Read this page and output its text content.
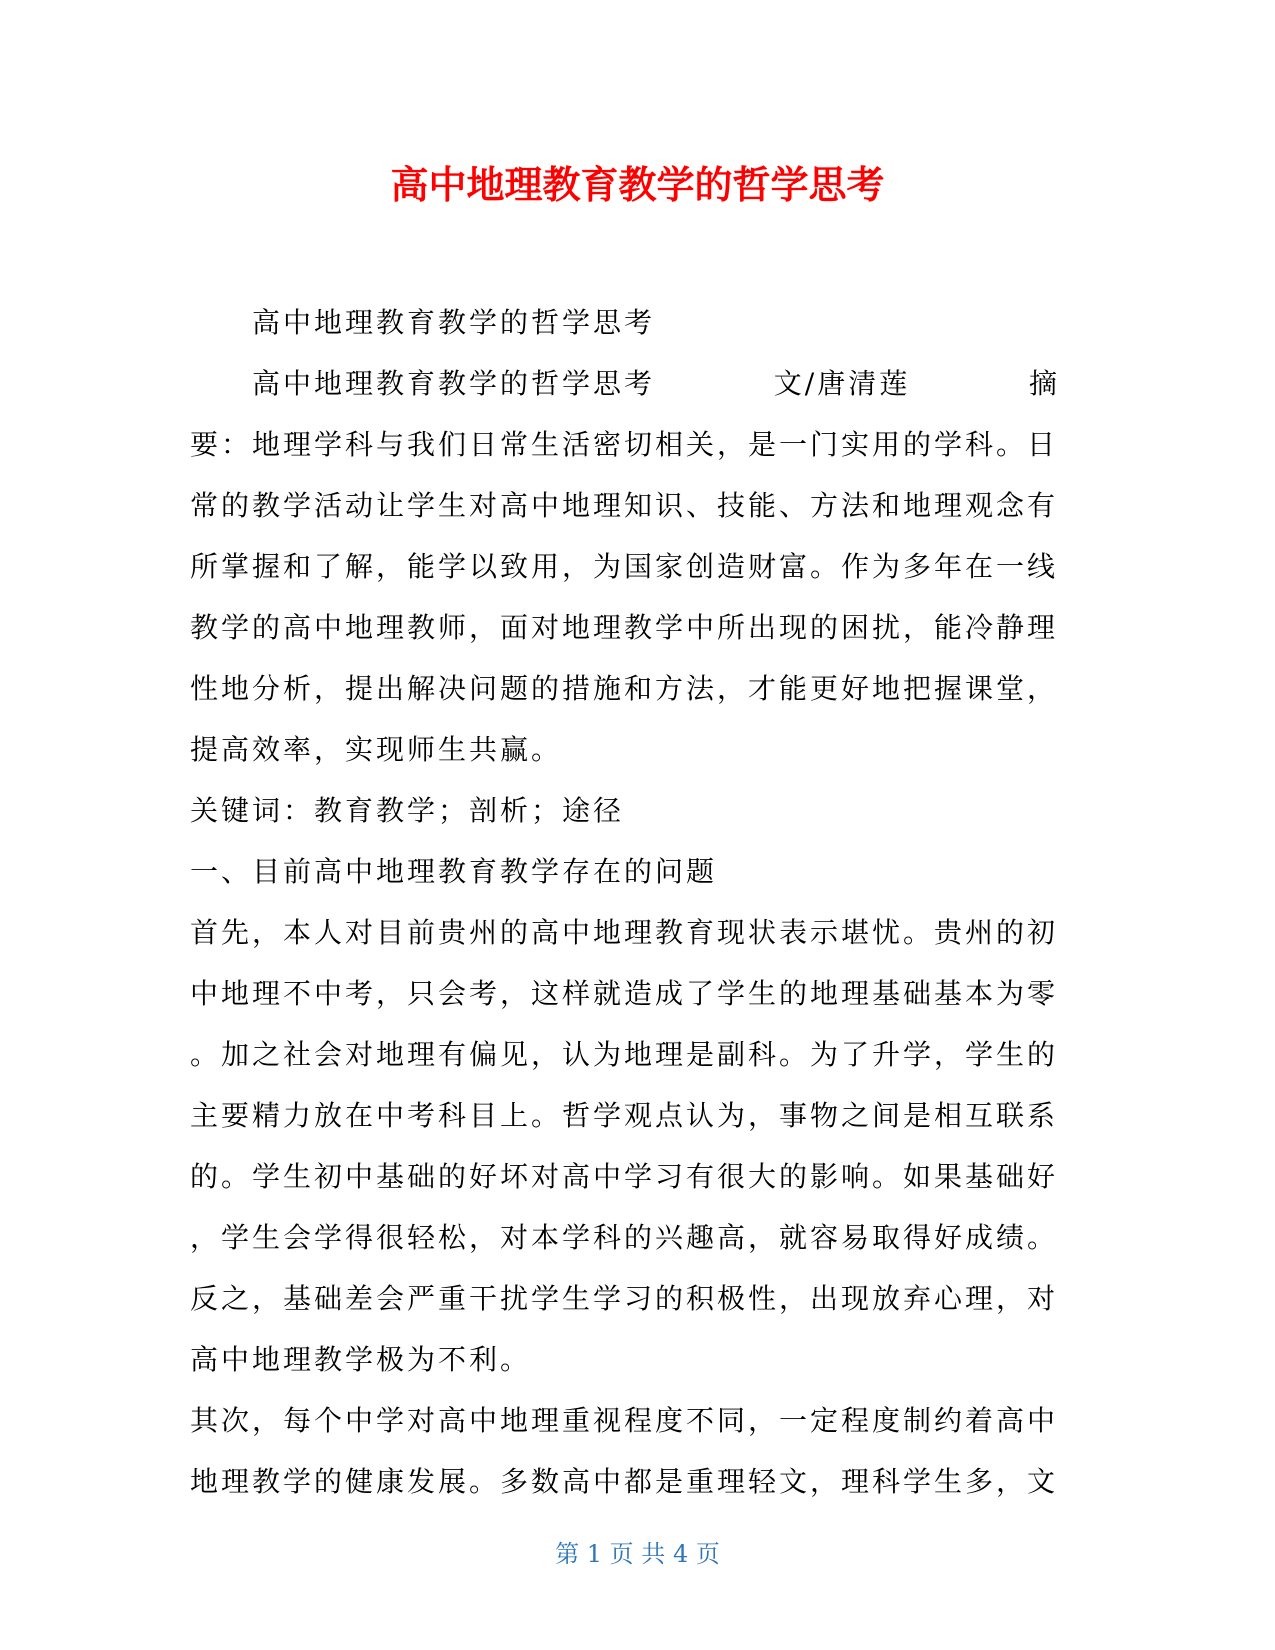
高中地理教育教学的哲学思考

高中地理教育教学的哲学思考

高中地理教育教学的哲学思考	文/唐清莲	摘

要：地理学科与我们日常生活密切相关，是一门实用的学科。日

常的教学活动让学生对高中地理知识、技能、方法和地理观念有

所掌握和了解，能学以致用，为国家创造财富。作为多年在一线

教学的高中地理教师，面对地理教学中所出现的困扰，能冷静理

性地分析，提出解决问题的措施和方法，才能更好地把握课堂，

提高效率，实现师生共赢。

关键词：教育教学；剖析；途径

一、目前高中地理教育教学存在的问题

首先，本人对目前贵州的高中地理教育现状表示堪忧。贵州的初

中地理不中考，只会考，这样就造成了学生的地理基础基本为零

。加之社会对地理有偏见，认为地理是副科。为了升学，学生的

主要精力放在中考科目上。哲学观点认为，事物之间是相互联系

的。学生初中基础的好坏对高中学习有很大的影响。如果基础好

，学生会学得很轻松，对本学科的兴趣高，就容易取得好成绩。

反之，基础差会严重干扰学生学习的积极性，出现放弃心理，对

高中地理教学极为不利。

其次，每个中学对高中地理重视程度不同，一定程度制约着高中

地理教学的健康发展。多数高中都是重理轻文，理科学生多，文

第 1 页 共 4 页
